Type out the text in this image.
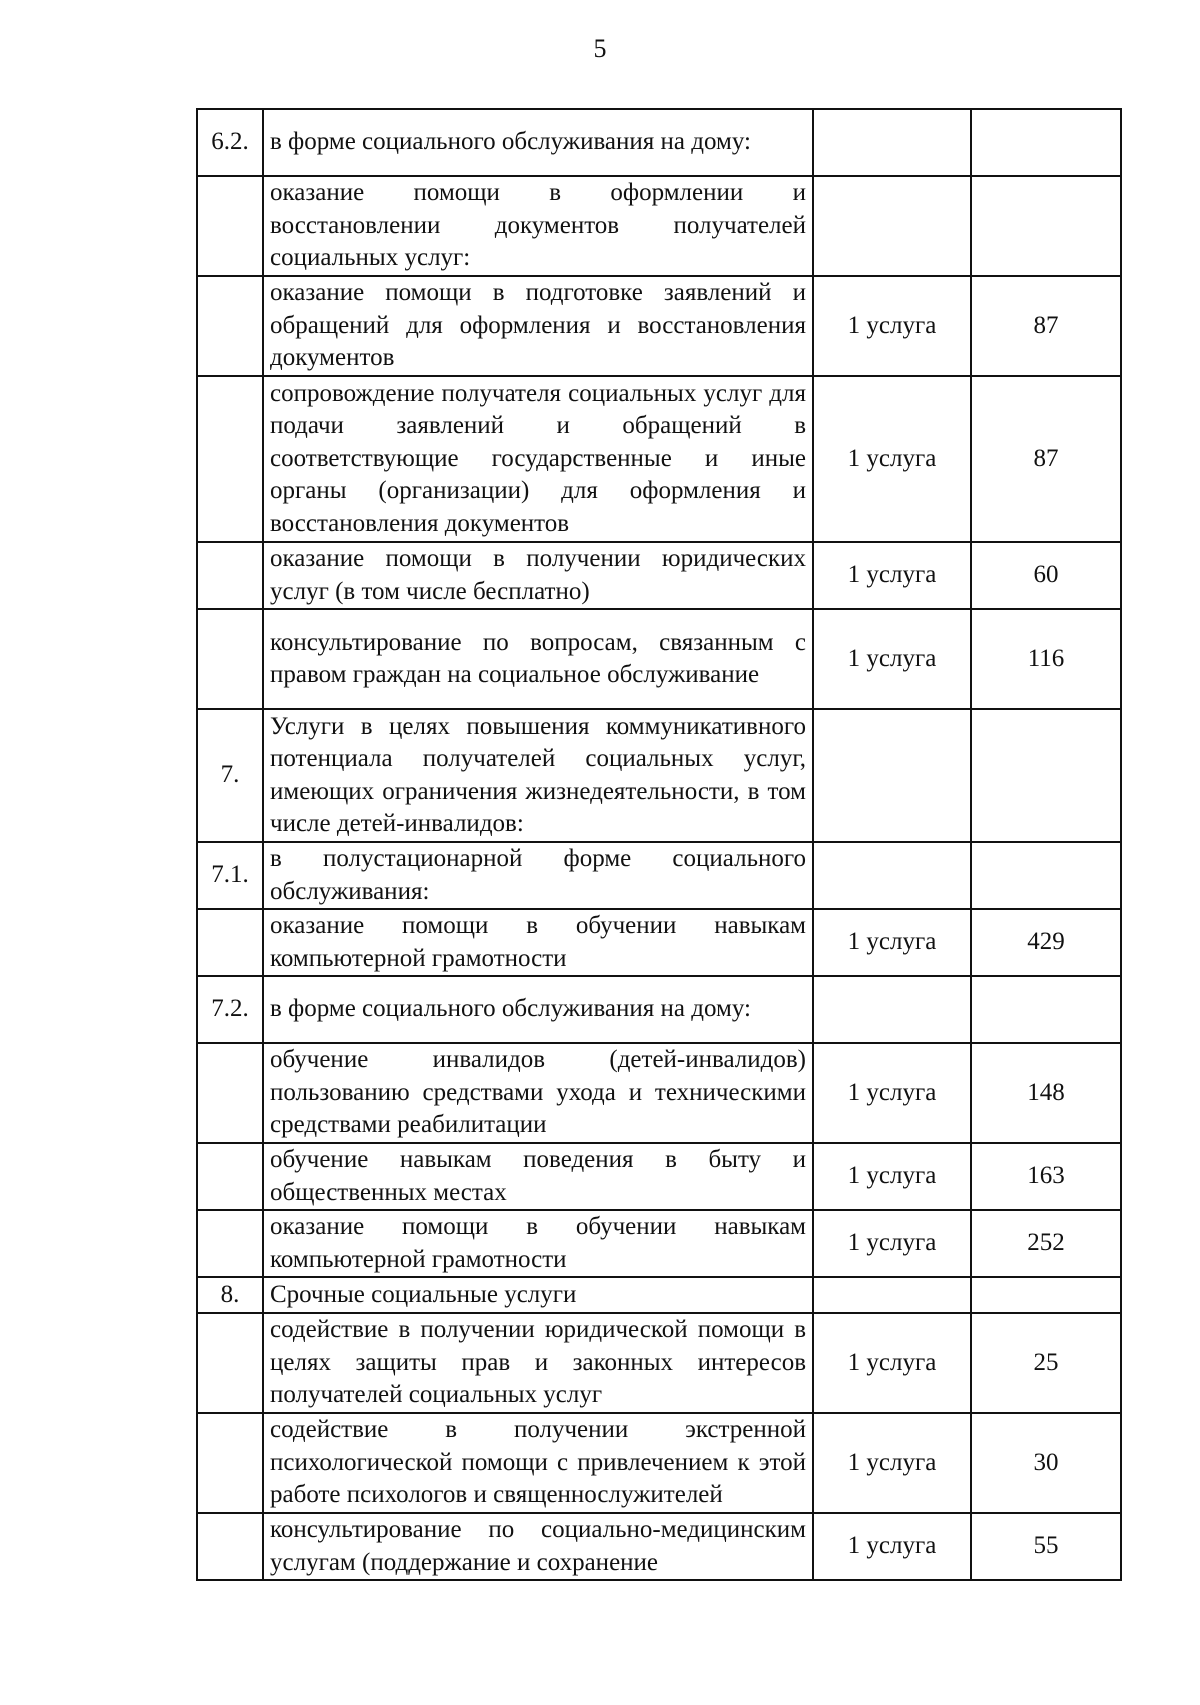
5
6.2.	в форме социального обслуживания на дому:		
	оказание помощи в оформлении и восстановлении документов получателей социальных услуг:		
	оказание помощи в подготовке заявлений и обращений для оформления и восстановления документов	1 услуга	87
	сопровождение получателя социальных услуг для подачи заявлений и обращений в соответствующие государственные и иные органы (организации) для оформления и восстановления документов	1 услуга	87
	оказание помощи в получении юридических услуг (в том числе бесплатно)	1 услуга	60
	консультирование по вопросам, связанным с правом граждан на социальное обслуживание	1 услуга	116
7.	Услуги в целях повышения коммуникативного потенциала получателей социальных услуг, имеющих ограничения жизнедеятельности, в том числе детей-инвалидов:		
7.1.	в полустационарной форме социального обслуживания:		
	оказание помощи в обучении навыкам компьютерной грамотности	1 услуга	429
7.2.	в форме социального обслуживания на дому:		
	обучение инвалидов (детей-инвалидов) пользованию средствами ухода и техническими средствами реабилитации	1 услуга	148
	обучение навыкам поведения в быту и общественных местах	1 услуга	163
	оказание помощи в обучении навыкам компьютерной грамотности	1 услуга	252
8.	Срочные социальные услуги		
	содействие в получении юридической помощи в целях защиты прав и законных интересов получателей социальных услуг	1 услуга	25
	содействие в получении экстренной психологической помощи с привлечением к этой работе психологов и священнослужителей	1 услуга	30
	консультирование по социально-медицинским услугам (поддержание и сохранение	1 услуга	55
